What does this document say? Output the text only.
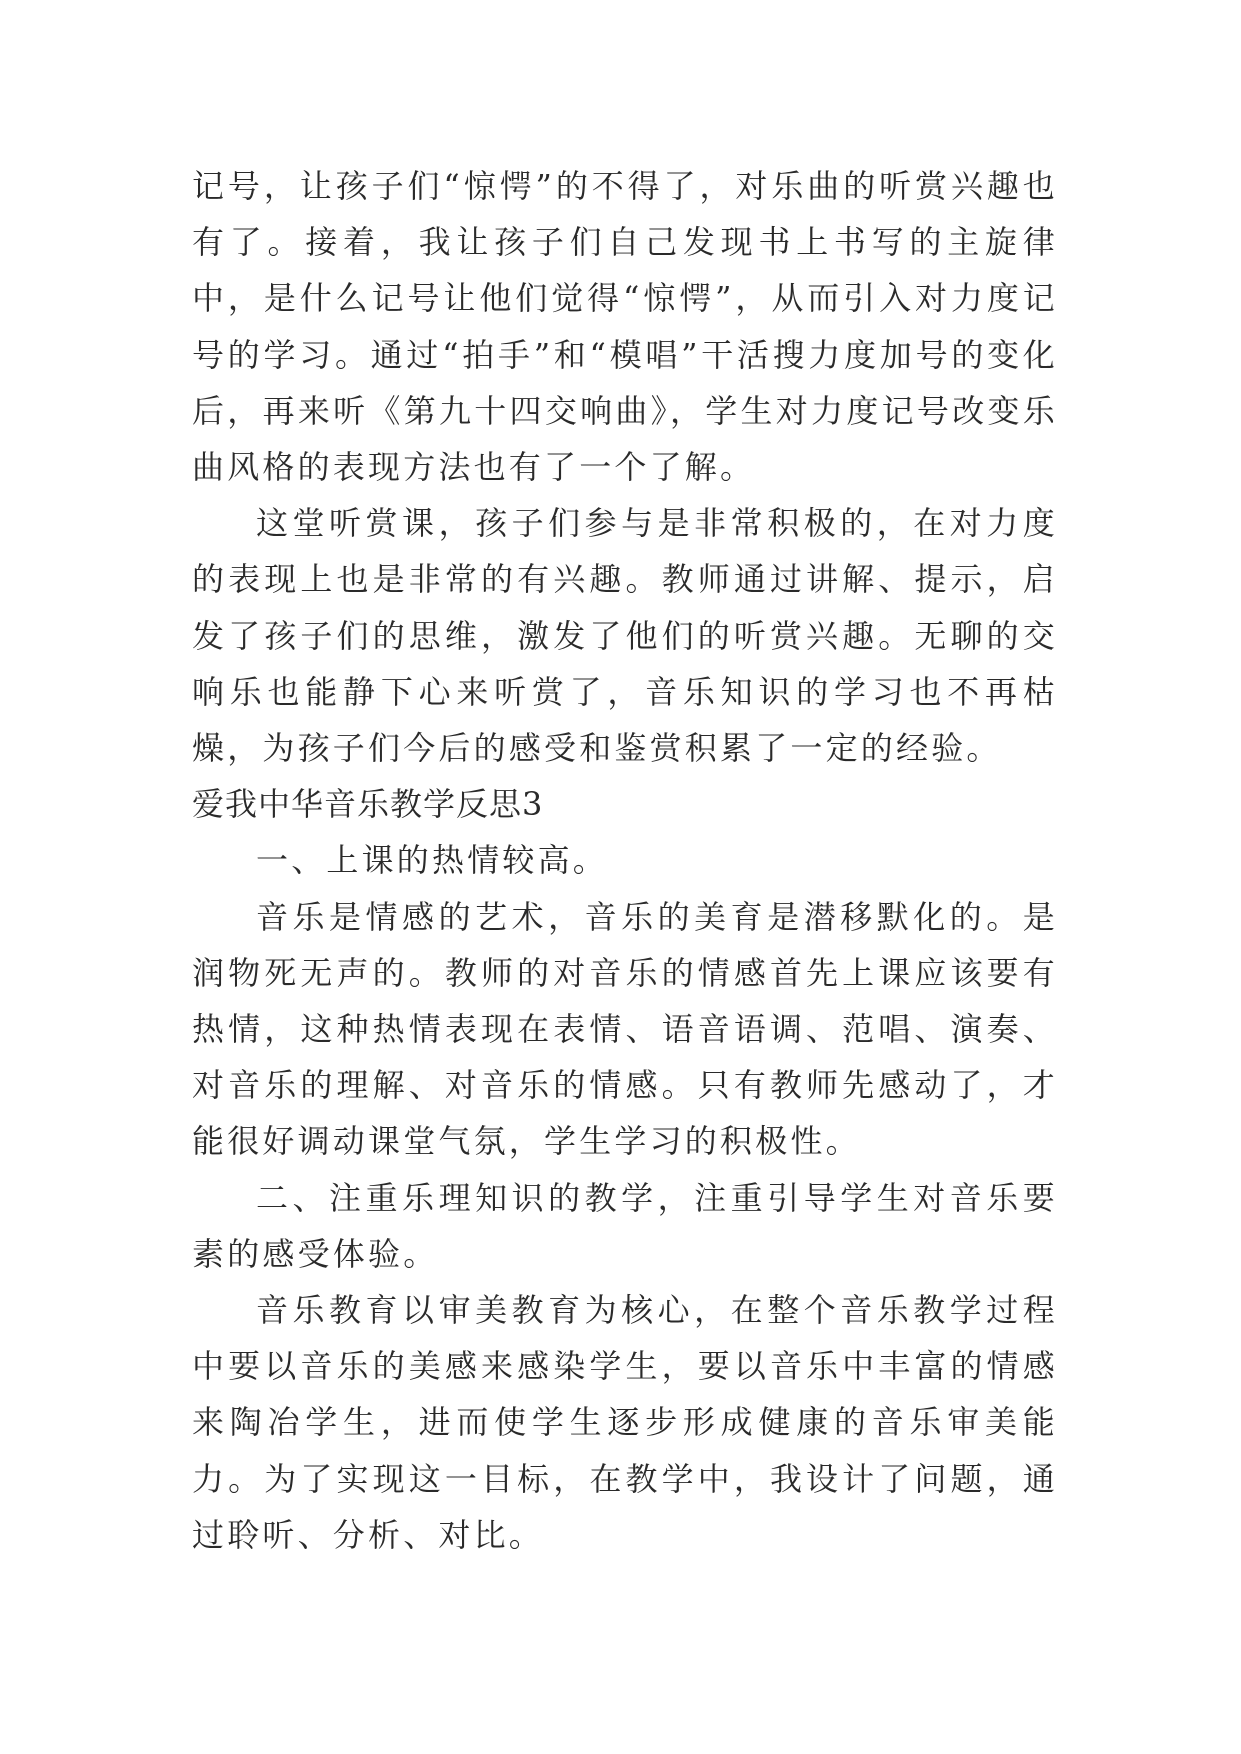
记号，让孩子们“惊愕”的不得了，对乐曲的听赏兴趣也有了。接着，我让孩子们自己发现书上书写的主旋律中，是什么记号让他们觉得“惊愕”，从而引入对力度记号的学习。通过“拍手”和“模唱”干活搜力度加号的变化后，再来听《第九十四交响曲》，学生对力度记号改变乐曲风格的表现方法也有了一个了解。

这堂听赏课，孩子们参与是非常积极的，在对力度的表现上也是非常的有兴趣。教师通过讲解、提示，启发了孩子们的思维，激发了他们的听赏兴趣。无聊的交响乐也能静下心来听赏了，音乐知识的学习也不再枯燥，为孩子们今后的感受和鉴赏积累了一定的经验。

爱我中华音乐教学反思3

一、上课的热情较高。

音乐是情感的艺术，音乐的美育是潜移默化的。是润物死无声的。教师的对音乐的情感首先上课应该要有热情，这种热情表现在表情、语音语调、范唱、演奏、对音乐的理解、对音乐的情感。只有教师先感动了，才能很好调动课堂气氛，学生学习的积极性。

二、注重乐理知识的教学，注重引导学生对音乐要素的感受体验。

音乐教育以审美教育为核心，在整个音乐教学过程中要以音乐的美感来感染学生，要以音乐中丰富的情感来陶冶学生，进而使学生逐步形成健康的音乐审美能力。为了实现这一目标，在教学中，我设计了问题，通过聆听、分析、对比。
